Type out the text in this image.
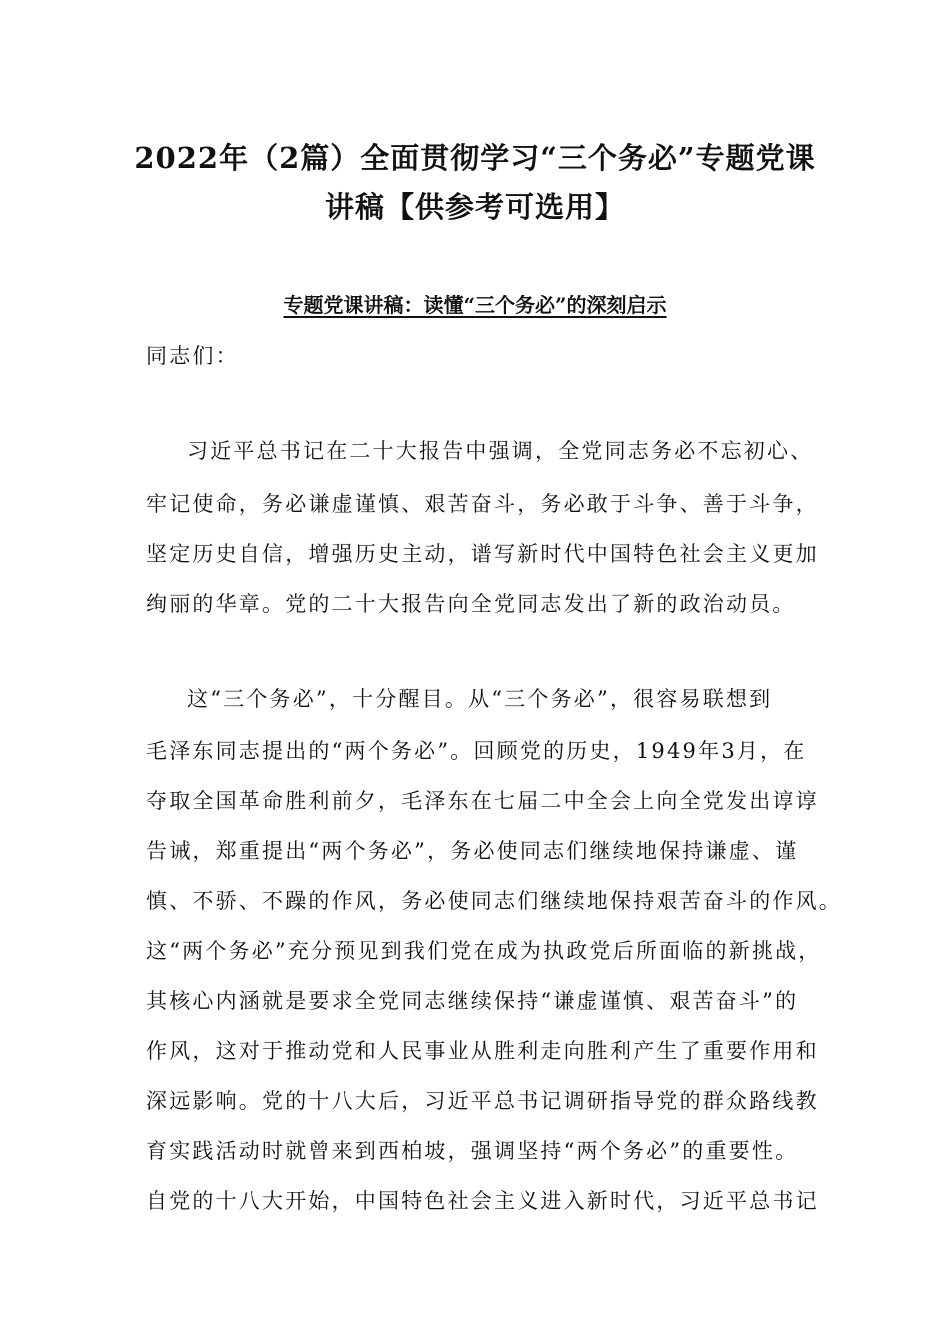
2022年（2篇）全面贯彻学习“三个务必”专题党课
讲稿【供参考可选用】
专题党课讲稿：读懂“三个务必”的深刻启示
同志们：
习近平总书记在二十大报告中强调，全党同志务必不忘初心、
牢记使命，务必谦虚谨慎、艰苦奋斗，务必敢于斗争、善于斗争，
坚定历史自信，增强历史主动，谱写新时代中国特色社会主义更加
绚丽的华章。党的二十大报告向全党同志发出了新的政治动员。
这“三个务必”，十分醒目。从“三个务必”，很容易联想到
毛泽东同志提出的“两个务必”。回顾党的历史，1949年3月，在
夺取全国革命胜利前夕，毛泽东在七届二中全会上向全党发出谆谆
告诫，郑重提出“两个务必”，务必使同志们继续地保持谦虚、谨
慎、不骄、不躁的作风，务必使同志们继续地保持艰苦奋斗的作风。
这“两个务必”充分预见到我们党在成为执政党后所面临的新挑战，
其核心内涵就是要求全党同志继续保持“谦虚谨慎、艰苦奋斗”的
作风，这对于推动党和人民事业从胜利走向胜利产生了重要作用和
深远影响。党的十八大后，习近平总书记调研指导党的群众路线教
育实践活动时就曾来到西柏坡，强调坚持“两个务必”的重要性。
自党的十八大开始，中国特色社会主义进入新时代，习近平总书记
